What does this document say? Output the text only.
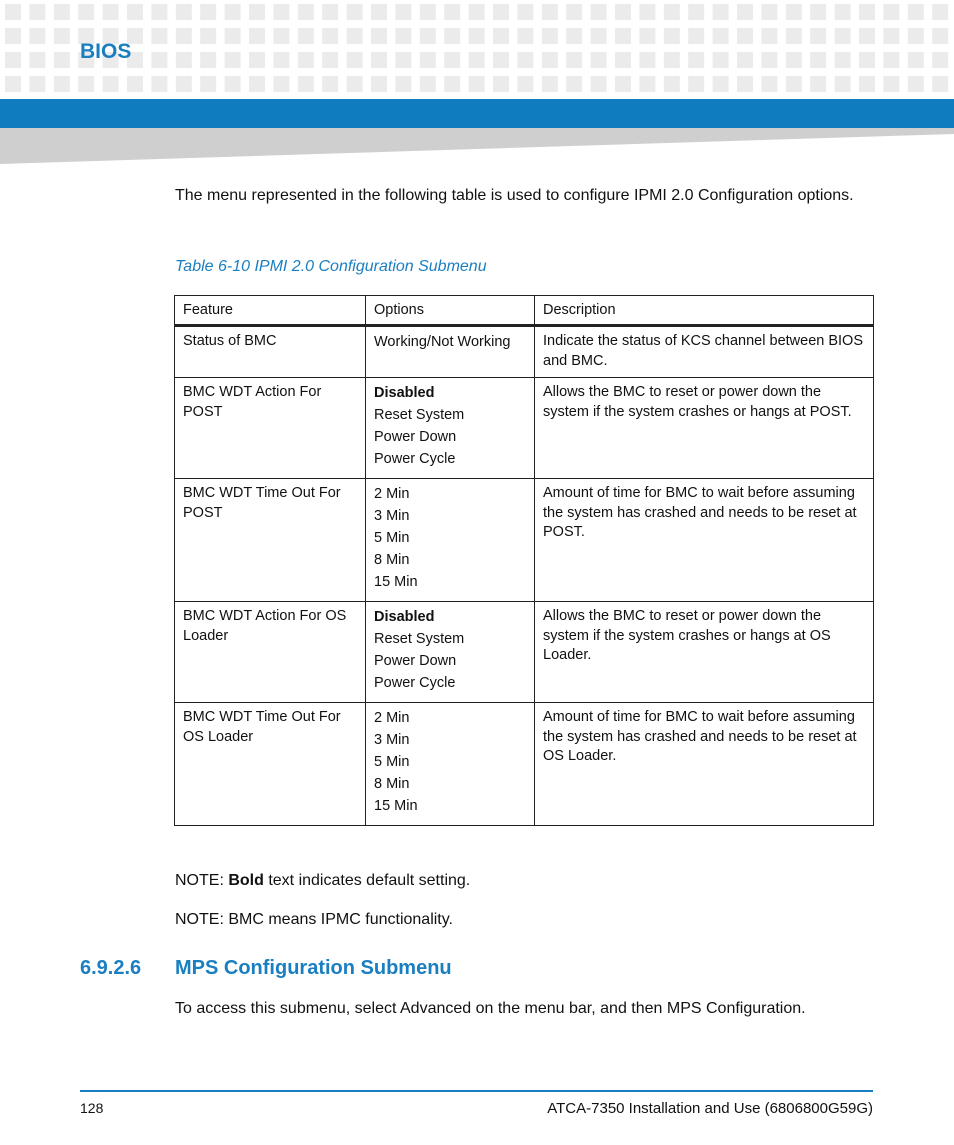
BIOS
The menu represented in the following table is used to configure IPMI 2.0 Configuration options.
Table 6-10 IPMI 2.0 Configuration Submenu
Feature	Options	Description
Status of BMC	Working/Not Working	Indicate the status of KCS channel between BIOS and BMC.
BMC WDT Action For POST	Disabled
Reset System
Power Down
Power Cycle	Allows the BMC to reset or power down the system if the system crashes or hangs at POST.
BMC WDT Time Out For POST	2 Min
3 Min
5 Min
8 Min
15 Min	Amount of time for BMC to wait before assuming the system has crashed and needs to be reset at POST.
BMC WDT Action For OS Loader	Disabled
Reset System
Power Down
Power Cycle	Allows the BMC to reset or power down the system if the system crashes or hangs at OS Loader.
BMC WDT Time Out For OS Loader	2 Min
3 Min
5 Min
8 Min
15 Min	Amount of time for BMC to wait before assuming the system has crashed and needs to be reset at OS Loader.
NOTE: Bold text indicates default setting.
NOTE: BMC means IPMC functionality.
6.9.2.6 MPS Configuration Submenu
To access this submenu, select Advanced on the menu bar, and then MPS Configuration.
128	ATCA-7350 Installation and Use (6806800G59G)
